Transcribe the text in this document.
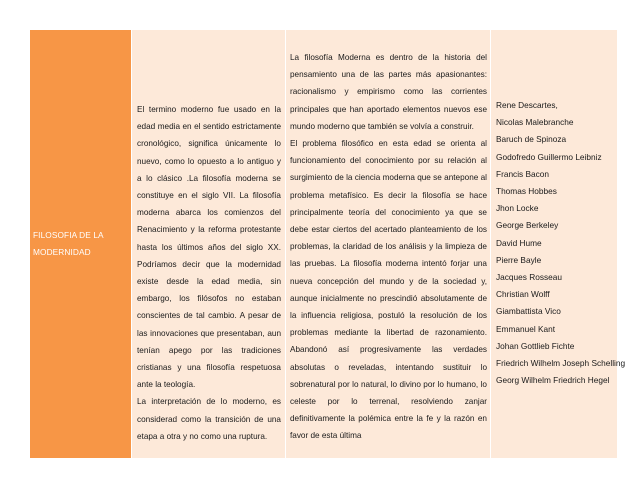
FILOSOFIA DE LA MODERNIDAD

El termino moderno fue usado en la edad media en el sentido estrictamente cronológico, significa únicamente lo nuevo, como lo opuesto a lo antiguo y a lo clásico .La filosofía moderna se constituye en el siglo VII. La filosofía moderna abarca los comienzos del Renacimiento y la reforma protestante hasta los últimos años del siglo XX. Podríamos decir que la modernidad existe desde la edad media, sin embargo, los filósofos no estaban conscientes de tal cambio. A pesar de las innovaciones que presentaban, aun tenían apego por las tradiciones cristianas y una filosofía respetuosa ante la teología.

La interpretación de lo moderno, es considerad como la transición de una etapa a otra y no como una ruptura.

La filosofía Moderna es dentro de la historia del pensamiento una de las partes más apasionantes: racionalismo y empirismo como las corrientes principales que han aportado elementos nuevos ese mundo moderno que también se volvía a construir.

El problema filosófico en esta edad se orienta al funcionamiento del conocimiento por su relación al surgimiento de la ciencia moderna que se antepone al problema metafísico. Es decir la filosofía se hace principalmente teoría del conocimiento ya que se debe estar ciertos del acertado planteamiento de los problemas, la claridad de los análisis y la limpieza de las pruebas. La filosofía moderna intentó forjar una nueva concepción del mundo y de la sociedad y, aunque inicialmente no prescindió absolutamente de la influencia religiosa, postuló la resolución de los problemas mediante la libertad de razonamiento. Abandonó así progresivamente las verdades absolutas o reveladas, intentando sustituir lo sobrenatural por lo natural, lo divino por lo humano, lo celeste por lo terrenal, resolviendo zanjar definitivamente la polémica entre la fe y la razón en favor de esta última

Rene Descartes,
Nicolas Malebranche
Baruch de Spinoza
Godofredo Guillermo Leibniz
Francis Bacon
Thomas Hobbes
Jhon Locke
George Berkeley
David Hume
Pierre Bayle
Jacques Rosseau
Christian Wolff
Giambattista Vico
Emmanuel Kant
Johan Gottlieb Fichte
Friedrich Wilhelm Joseph Schelling
Georg Wilhelm Friedrich Hegel
